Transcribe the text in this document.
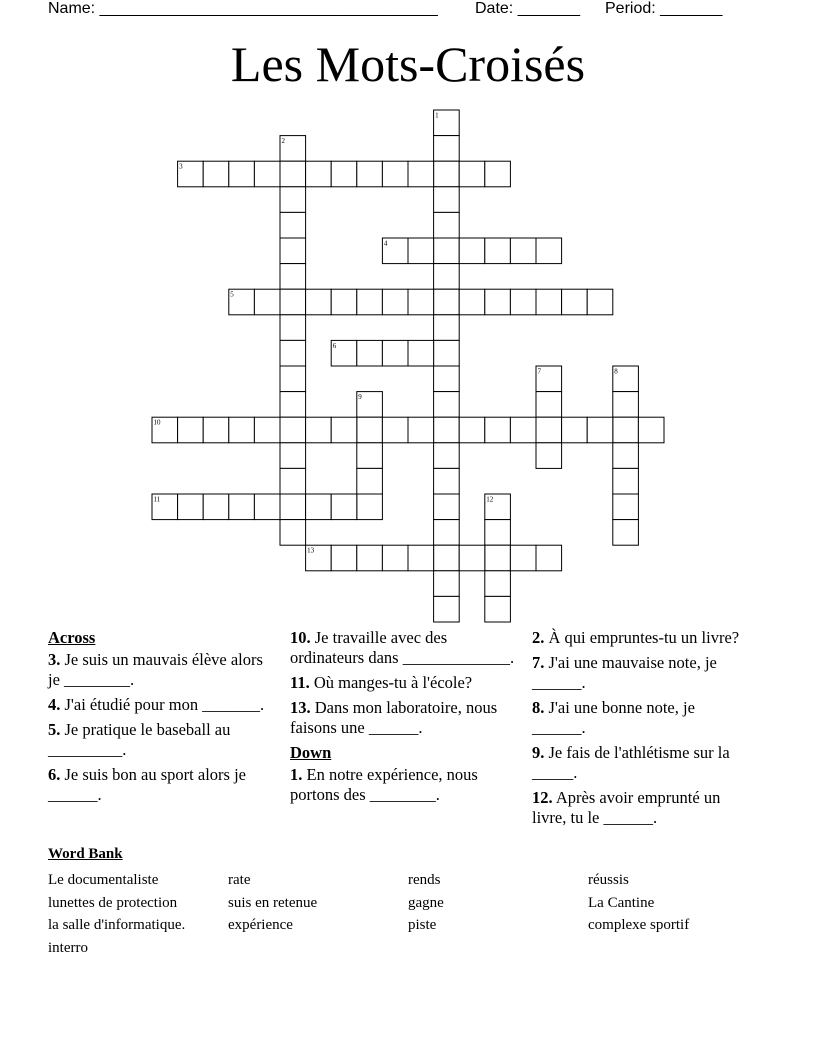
Name: ______________________________________ Date: _______ Period: _______
Les Mots-Croisés
1
2
3
4
5
6
7	8
9
10
11	12
13
Across
3. Je suis un mauvais élève alors je ________.
4. J'ai étudié pour mon _______.
5. Je pratique le baseball au _________.
6. Je suis bon au sport alors je ______.
10. Je travaille avec des ordinateurs dans _____________.
11. Où manges-tu à l'école?
13. Dans mon laboratoire, nous faisons une ______.
Down
1. En notre expérience, nous portons des ________.
2. À qui empruntes-tu un livre?
7. J'ai une mauvaise note, je ______.
8. J'ai une bonne note, je ______.
9. Je fais de l'athlétisme sur la _____.
12. Après avoir emprunté un livre, tu le ______.
Word Bank
Le documentaliste
lunettes de protection
la salle d'informatique.
interro
rate
suis en retenue
expérience
rends
gagne
piste
réussis
La Cantine
complexe sportif
